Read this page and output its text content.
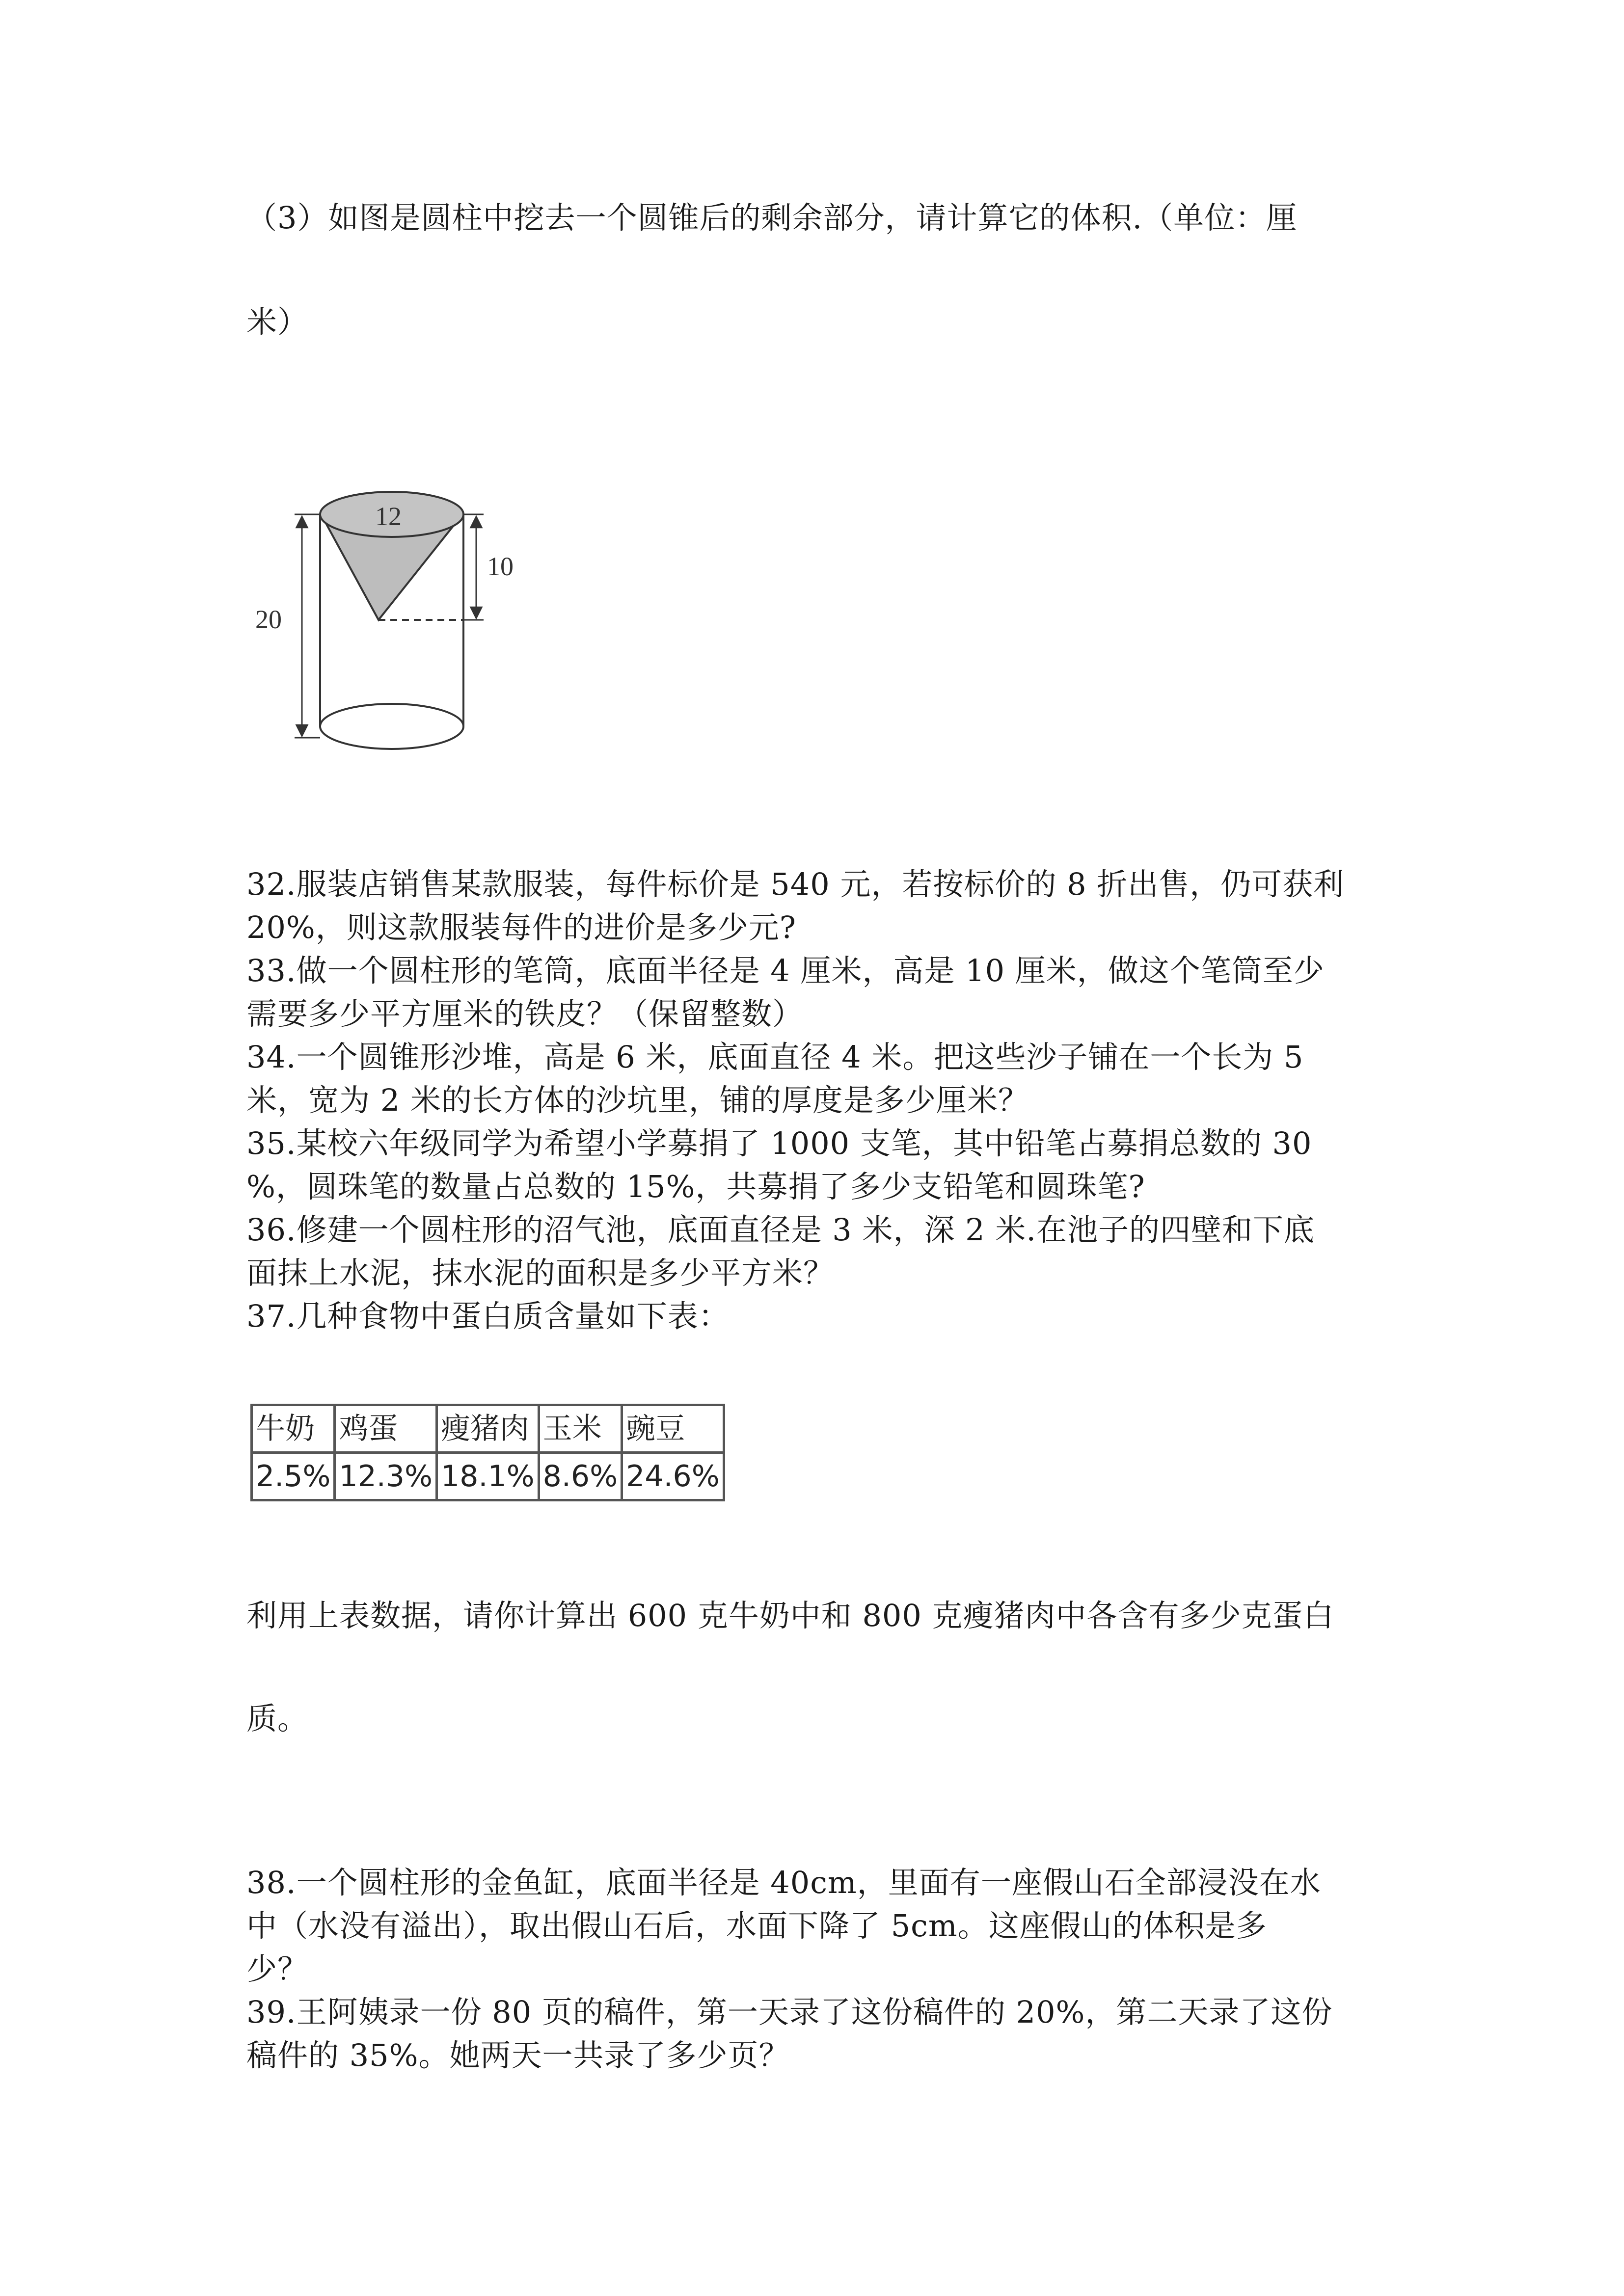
（3）如图是圆柱中挖去一个圆锥后的剩余部分，请计算它的体积.（单位：厘
米）
12
10
20
32.服装店销售某款服装，每件标价是 540 元，若按标价的 8 折出售，仍可获利
20%，则这款服装每件的进价是多少元?
33.做一个圆柱形的笔筒，底面半径是 4 厘米，高是 10 厘米，做这个笔筒至少
需要多少平方厘米的铁皮？（保留整数）
34.一个圆锥形沙堆，高是 6 米，底面直径 4 米。把这些沙子铺在一个长为 5
米，宽为 2 米的长方体的沙坑里，铺的厚度是多少厘米？
35.某校六年级同学为希望小学募捐了 1000 支笔，其中铅笔占募捐总数的 30
%，圆珠笔的数量占总数的 15%，共募捐了多少支铅笔和圆珠笔?
36.修建一个圆柱形的沼气池，底面直径是 3 米，深 2 米.在池子的四壁和下底
面抹上水泥，抹水泥的面积是多少平方米？
37.几种食物中蛋白质含量如下表：
牛奶	鸡蛋	瘦猪肉	玉米	豌豆
2.5%	12.3%	18.1%	8.6%	24.6%
利用上表数据，请你计算出 600 克牛奶中和 800 克瘦猪肉中各含有多少克蛋白
质。
38.一个圆柱形的金鱼缸，底面半径是 40cm，里面有一座假山石全部浸没在水
中（水没有溢出），取出假山石后，水面下降了 5cm。这座假山的体积是多
少？
39.王阿姨录一份 80 页的稿件，第一天录了这份稿件的 20%，第二天录了这份
稿件的 35%。她两天一共录了多少页？
